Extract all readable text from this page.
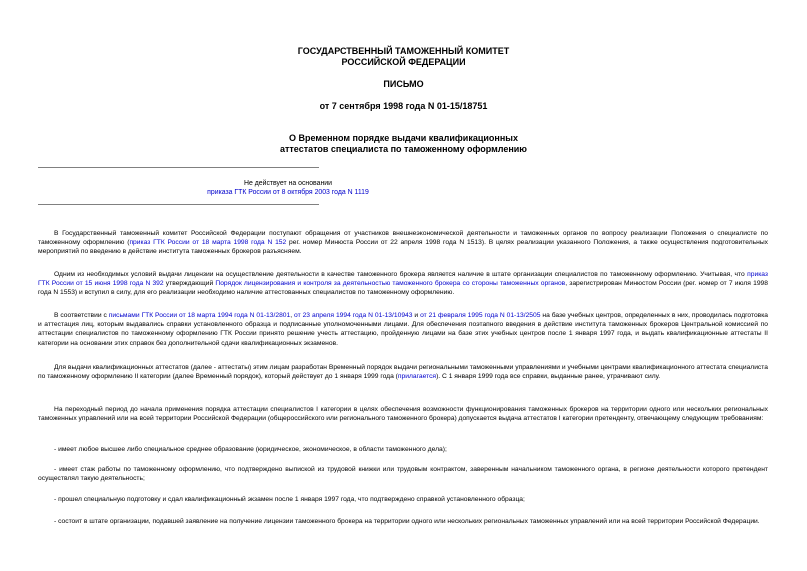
ГОСУДАРСТВЕННЫЙ ТАМОЖЕННЫЙ КОМИТЕТ
РОССИЙСКОЙ ФЕДЕРАЦИИ
ПИСЬМО
от 7 сентября 1998 года N 01-15/18751
О Временном порядке выдачи квалификационных
аттестатов специалиста по таможенному оформлению
Не действует на основании
приказа ГТК России от 8 октября 2003 года N 1119
В Государственный таможенный комитет Российской Федерации поступают обращения от участников внешнеэкономической деятельности и таможенных органов по вопросу реализации Положения о специалисте по таможенному оформлению (приказ ГТК России от 18 марта 1998 года N 152 рег. номер Минюста России от 22 апреля 1998 года N 1513). В целях реализации указанного Положения, а также осуществления подготовительных мероприятий по введению в действие института таможенных брокеров разъясняем.
Одним из необходимых условий выдачи лицензии на осуществление деятельности в качестве таможенного брокера является наличие в штате организации специалистов по таможенному оформлению. Учитывая, что приказ ГТК России от 15 июня 1998 года N 392 утверждающий Порядок лицензирования и контроля за деятельностью таможенного брокера со стороны таможенных органов, зарегистрирован Минюстом России (рег. номер от 7 июля 1998 года N 1553) и вступил в силу, для его реализации необходимо наличие аттестованных специалистов по таможенному оформлению.
В соответствии с письмами ГТК России от 18 марта 1994 года N 01-13/2801, от 23 апреля 1994 года N 01-13/10943 и от 21 февраля 1995 года N 01-13/2505 на базе учебных центров, определенных в них, проводилась подготовка и аттестация лиц, которым выдавались справки установленного образца и подписанные уполномоченными лицами. Для обеспечения поэтапного введения в действие института таможенных брокеров Центральной комиссией по аттестации специалистов по таможенному оформлению ГТК России принято решение учесть аттестацию, пройденную лицами на базе этих учебных центров после 1 января 1997 года, и выдать квалификационные аттестаты II категории на основании этих справок без дополнительной сдачи квалификационных экзаменов.
Для выдачи квалификационных аттестатов (далее - аттестаты) этим лицам разработан Временный порядок выдачи региональными таможенными управлениями и учебными центрами квалификационного аттестата специалиста по таможенному оформлению II категории (далее Временный порядок), который действует до 1 января 1999 года (прилагается). С 1 января 1999 года все справки, выданные ранее, утрачивают силу.
На переходный период до начала применения порядка аттестации специалистов I категории в целях обеспечения возможности функционирования таможенных брокеров на территории одного или нескольких региональных таможенных управлений или на всей территории Российской Федерации (общероссийского или регионального таможенного брокера) допускается выдача аттестатов I категории претенденту, отвечающему следующим требованиям:
- имеет любое высшее либо специальное среднее образование (юридическое, экономическое, в области таможенного дела);
- имеет стаж работы по таможенному оформлению, что подтверждено выпиской из трудовой книжки или трудовым контрактом, заверенным начальником таможенного органа, в регионе деятельности которого претендент осуществлял такую деятельность;
- прошел специальную подготовку и сдал квалификационный экзамен после 1 января 1997 года, что подтверждено справкой установленного образца;
- состоит в штате организации, подавшей заявление на получение лицензии таможенного брокера на территории одного или нескольких региональных таможенных управлений или на всей территории Российской Федерации.
